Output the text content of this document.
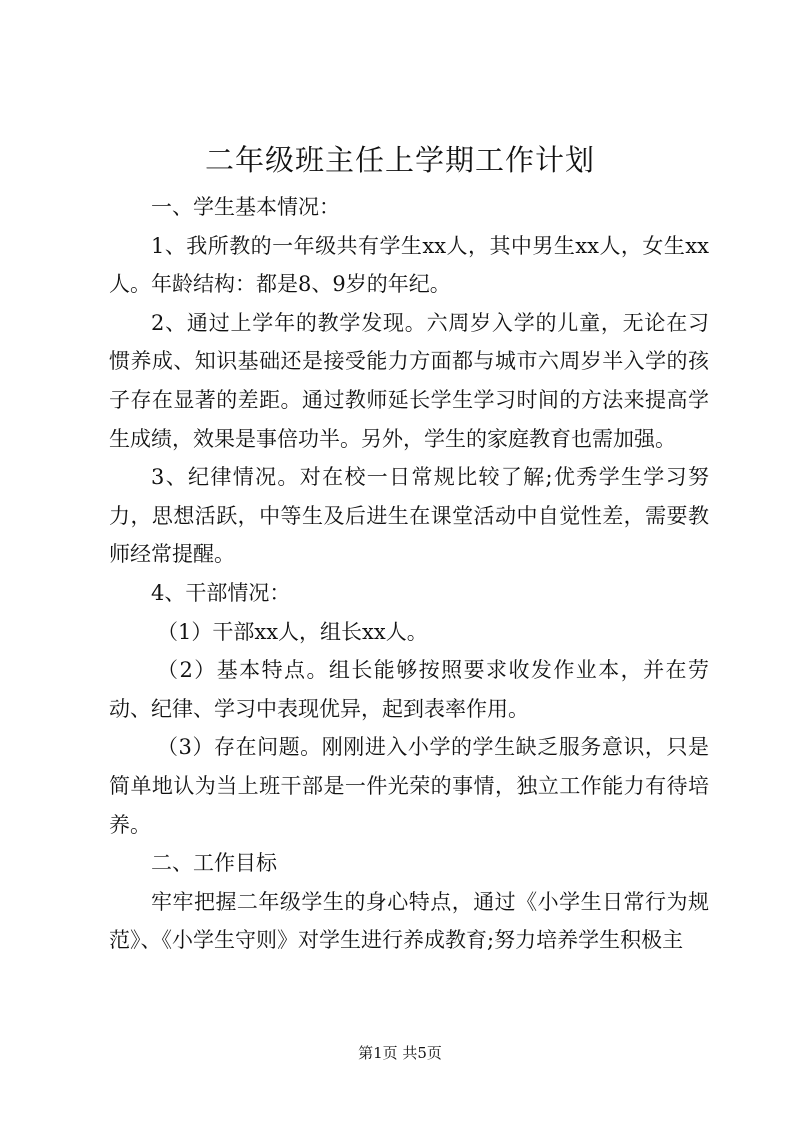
二年级班主任上学期工作计划

一、学生基本情况：

1、我所教的一年级共有学生xx人，其中男生xx人，女生xx人。年龄结构：都是8、9岁的年纪。

2、通过上学年的教学发现。六周岁入学的儿童，无论在习惯养成、知识基础还是接受能力方面都与城市六周岁半入学的孩子存在显著的差距。通过教师延长学生学习时间的方法来提高学生成绩，效果是事倍功半。另外，学生的家庭教育也需加强。

3、纪律情况。对在校一日常规比较了解;优秀学生学习努力，思想活跃，中等生及后进生在课堂活动中自觉性差，需要教师经常提醒。

4、干部情况：

（1）干部xx人，组长xx人。

（2）基本特点。组长能够按照要求收发作业本，并在劳动、纪律、学习中表现优异，起到表率作用。

（3）存在问题。刚刚进入小学的学生缺乏服务意识，只是简单地认为当上班干部是一件光荣的事情，独立工作能力有待培养。

二、工作目标

牢牢把握二年级学生的身心特点，通过《小学生日常行为规范》、《小学生守则》对学生进行养成教育;努力培养学生积极主

第1页 共5页
